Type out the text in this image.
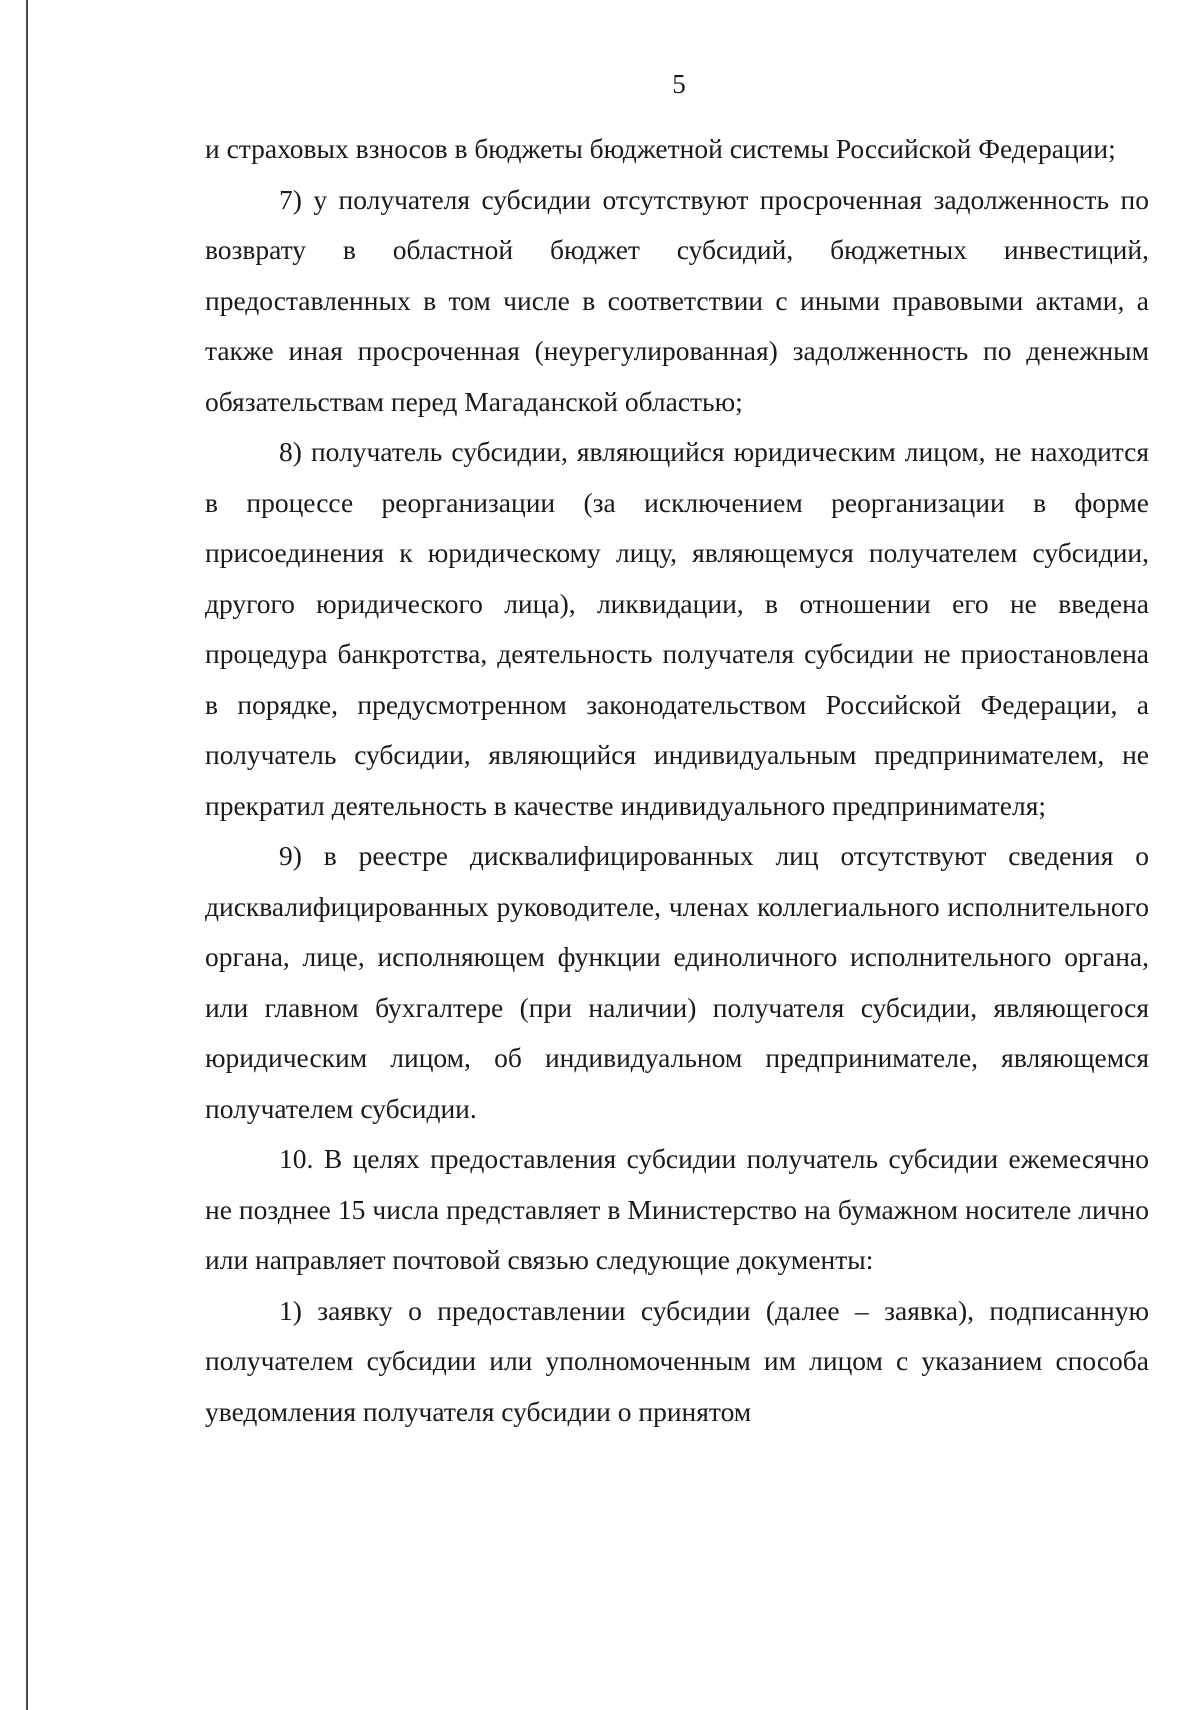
5

и страховых взносов в бюджеты бюджетной системы Российской Федерации;

7) у получателя субсидии отсутствуют просроченная задолженность по возврату в областной бюджет субсидий, бюджетных инвестиций, предоставленных в том числе в соответствии с иными правовыми актами, а также иная просроченная (неурегулированная) задолженность по денежным обязательствам перед Магаданской областью;

8) получатель субсидии, являющийся юридическим лицом, не находится в процессе реорганизации (за исключением реорганизации в форме присоединения к юридическому лицу, являющемуся получателем субсидии, другого юридического лица), ликвидации, в отношении его не введена процедура банкротства, деятельность получателя субсидии не приостановлена в порядке, предусмотренном законодательством Российской Федерации, а получатель субсидии, являющийся индивидуальным предпринимателем, не прекратил деятельность в качестве индивидуального предпринимателя;

9) в реестре дисквалифицированных лиц отсутствуют сведения о дисквалифицированных руководителе, членах коллегиального исполнительного органа, лице, исполняющем функции единоличного исполнительного органа, или главном бухгалтере (при наличии) получателя субсидии, являющегося юридическим лицом, об индивидуальном предпринимателе, являющемся получателем субсидии.

10. В целях предоставления субсидии получатель субсидии ежемесячно не позднее 15 числа представляет в Министерство на бумажном носителе лично или направляет почтовой связью следующие документы:

1) заявку о предоставлении субсидии (далее – заявка), подписанную получателем субсидии или уполномоченным им лицом с указанием способа уведомления получателя субсидии о принятом
